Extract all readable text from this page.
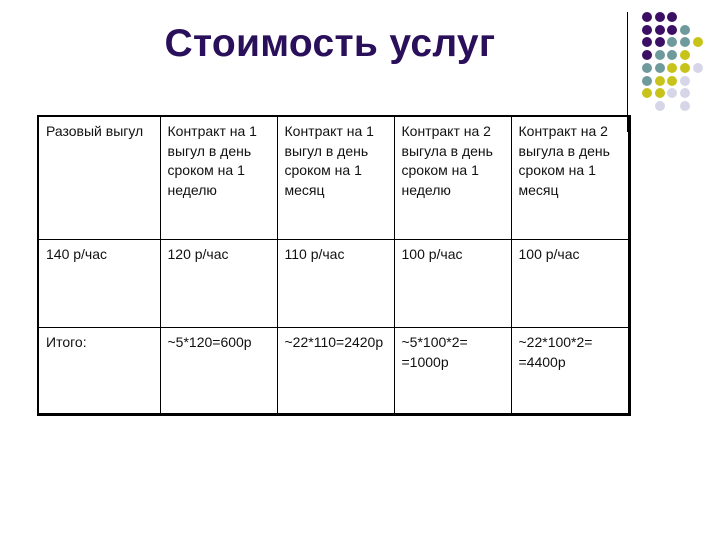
Стоимость услуг
Разовый выгул	Контракт на 1 выгул в день сроком на 1 неделю	Контракт на 1 выгул в день сроком на 1 месяц	Контракт на 2 выгула в день сроком на 1 неделю	Контракт на 2 выгула в день сроком на 1 месяц
140 р/час	120 р/час	110 р/час	100 р/час	100 р/час
Итого:	~5*120=600р	~22*110=2420р	~5*100*2= =1000р	~22*100*2= =4400р
